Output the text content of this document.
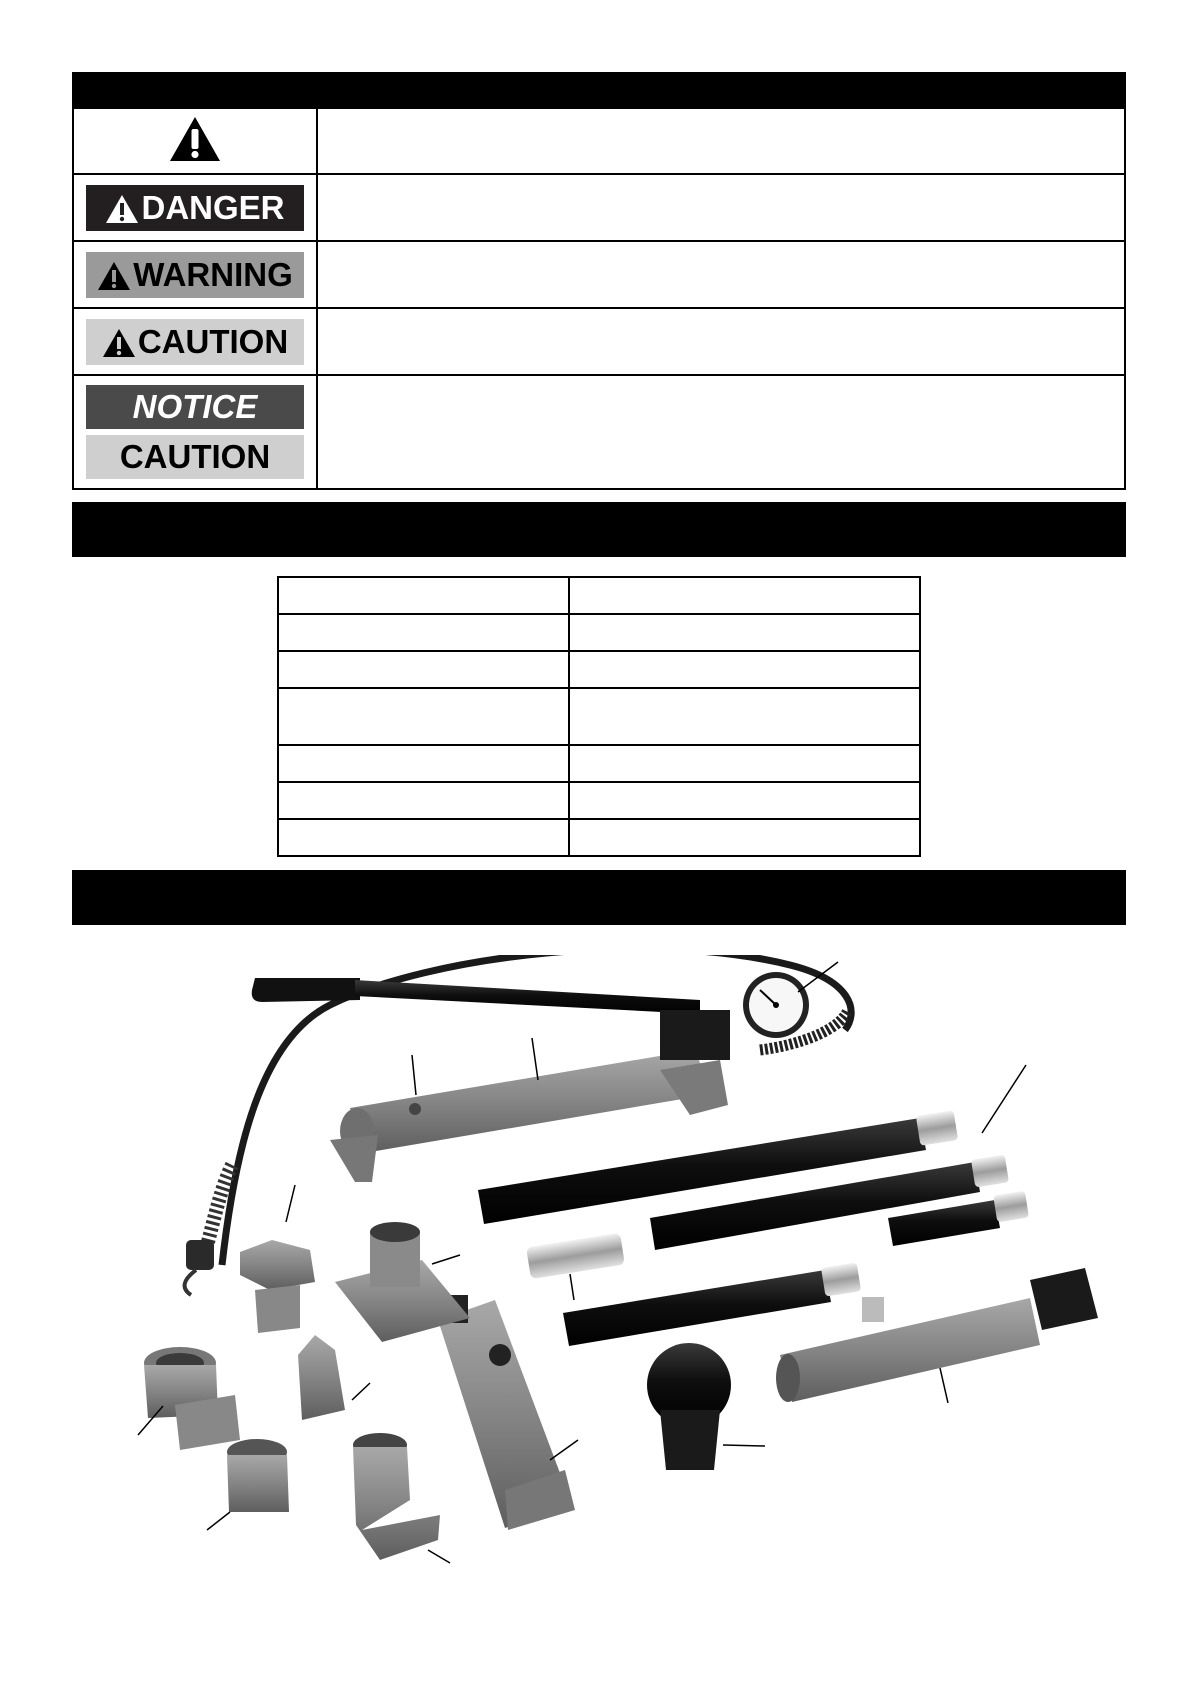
DANGER	
WARNING	
CAUTION	
NOTICE CAUTION	
